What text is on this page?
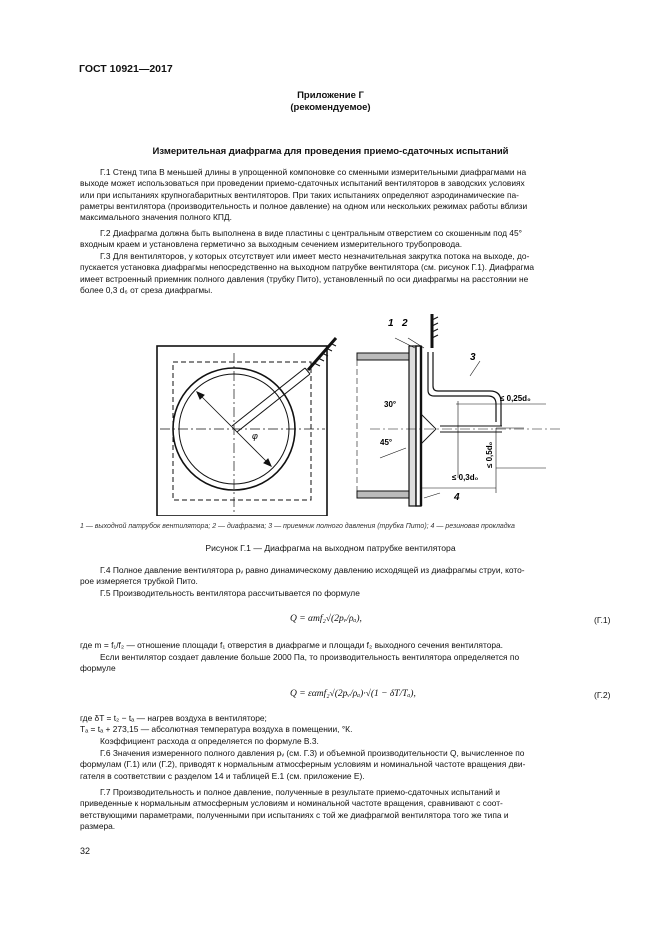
ГОСТ 10921—2017
Приложение Г
(рекомендуемое)
Измерительная диафрагма для проведения приемо-сдаточных испытаний
Г.1 Стенд типа В меньшей длины в упрощенной компоновке со сменными измерительными диафрагмами на
выходе может использоваться при проведении приемо-сдаточных испытаний вентиляторов в заводских условиях
или при испытаниях крупногабаритных вентиляторов. При таких испытаниях определяют аэродинамические па-
раметры вентилятора (производительность и полное давление) на одном или нескольких режимах работы вблизи
максимального значения полного КПД.
Г.2 Диафрагма должна быть выполнена в виде пластины с центральным отверстием со скошенным под 45°
входным краем и установлена герметично за выходным сечением измерительного трубопровода.
Г.3 Для вентиляторов, у которых отсутствует или имеет место незначительная закрутка потока на выходе, до-
пускается установка диафрагмы непосредственно на выходном патрубке вентилятора (см. рисунок Г.1). Диафрагма
имеет встроенный приемник полного давления (трубку Пито), установленный по оси диафрагмы на расстоянии не
более 0,3 d₆ от среза диафрагмы.
φ
1 2
3
4
≤ 0,25d₀
≤ 0,3d₀
≤ 0,5d₀
30°
45°
1 — выходной патрубок вентилятора; 2 — диафрагма; 3 — приемник полного давления (трубка Пито); 4 — резиновая прокладка
Рисунок Г.1 — Диафрагма на выходном патрубке вентилятора
Г.4 Полное давление вентилятора pᵥ равно динамическому давлению исходящей из диафрагмы струи, кото-
рое измеряется трубкой Пито.
Г.5 Производительность вентилятора рассчитывается по формуле
Q = αmf₂√(2pᵥ/ρₐ),	(Г.1)
где m = f₁/f₂ — отношение площади f₁ отверстия в диафрагме и площади f₂ выходного сечения вентилятора.
Если вентилятор создает давление больше 2000 Па, то производительность вентилятора определяется по
формуле
Q = εαmf₂√(2pᵥ/ρₐ)·√(1 − δT/Tₐ),	(Г.2)
где δT = t₂ − tₐ — нагрев воздуха в вентиляторе;
Tₐ = tₐ + 273,15 — абсолютная температура воздуха в помещении, °К.
Коэффициент расхода α определяется по формуле В.3.
Г.6 Значения измеренного полного давления pᵥ (см. Г.3) и объемной производительности Q, вычисленное по
формулам (Г.1) или (Г.2), приводят к нормальным атмосферным условиям и номинальной частоте вращения дви-
гателя в соответствии с разделом 14 и таблицей Е.1 (см. приложение Е).
Г.7 Производительность и полное давление, полученные в результате приемо-сдаточных испытаний и
приведенные к нормальным атмосферным условиям и номинальной частоте вращения, сравнивают с соот-
ветствующими параметрами, полученными при испытаниях с той же диафрагмой вентилятора того же типа и
размера.
32
